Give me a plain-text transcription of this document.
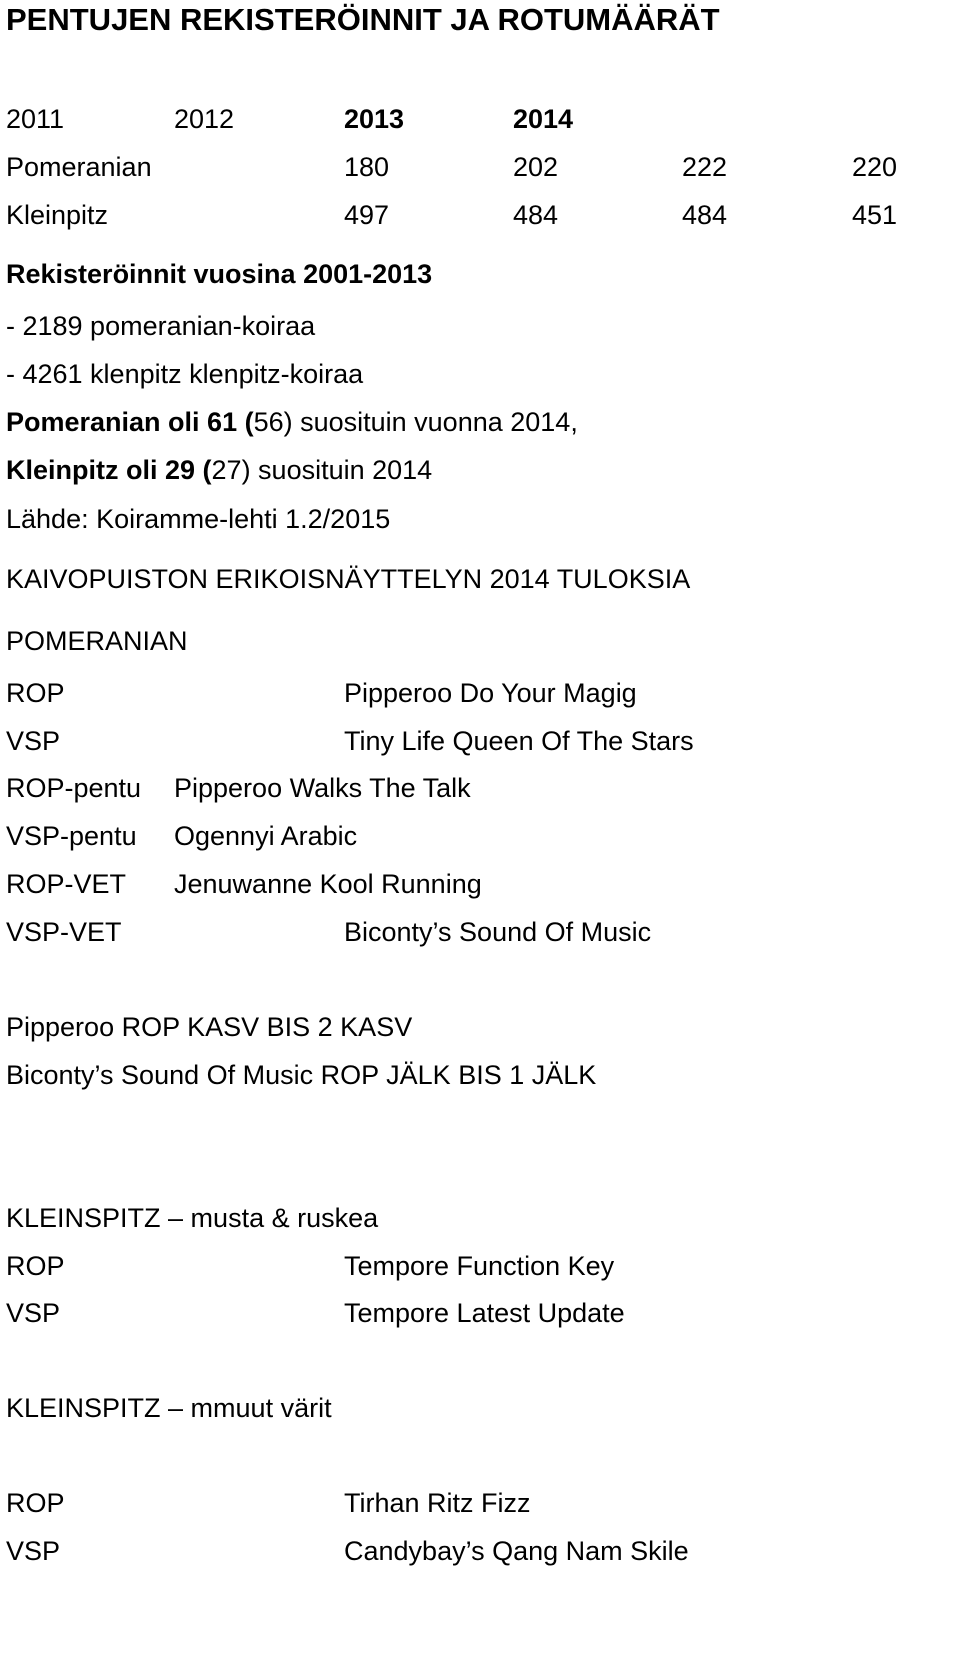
PENTUJEN REKISTERÖINNIT JA ROTUMÄÄRÄT
2011	2012	2013	2014
Pomeranian	180	202	222	220
Kleinpitz	497	484	484	451
Rekisteröinnit vuosina 2001-2013
- 2189 pomeranian-koiraa
- 4261 klenpitz klenpitz-koiraa
Pomeranian oli 61 (56) suosituin vuonna 2014,
Kleinpitz oli 29 (27) suosituin 2014
Lähde: Koiramme-lehti 1.2/2015
KAIVOPUISTON ERIKOISNÄYTTELYN 2014 TULOKSIA
POMERANIAN
ROP	Pipperoo Do Your Magig
VSP	Tiny Life Queen Of The Stars
ROP-pentu Pipperoo Walks The Talk
VSP-pentu Ogennyi Arabic
ROP-VET Jenuwanne Kool Running
VSP-VET	Biconty’s Sound Of Music
Pipperoo ROP KASV BIS 2 KASV
Biconty’s Sound Of Music ROP JÄLK BIS 1 JÄLK
KLEINSPITZ – musta & ruskea
ROP	Tempore Function Key
VSP	Tempore Latest Update
KLEINSPITZ – mmuut värit
ROP	Tirhan Ritz Fizz
VSP	Candybay’s Qang Nam Skile
